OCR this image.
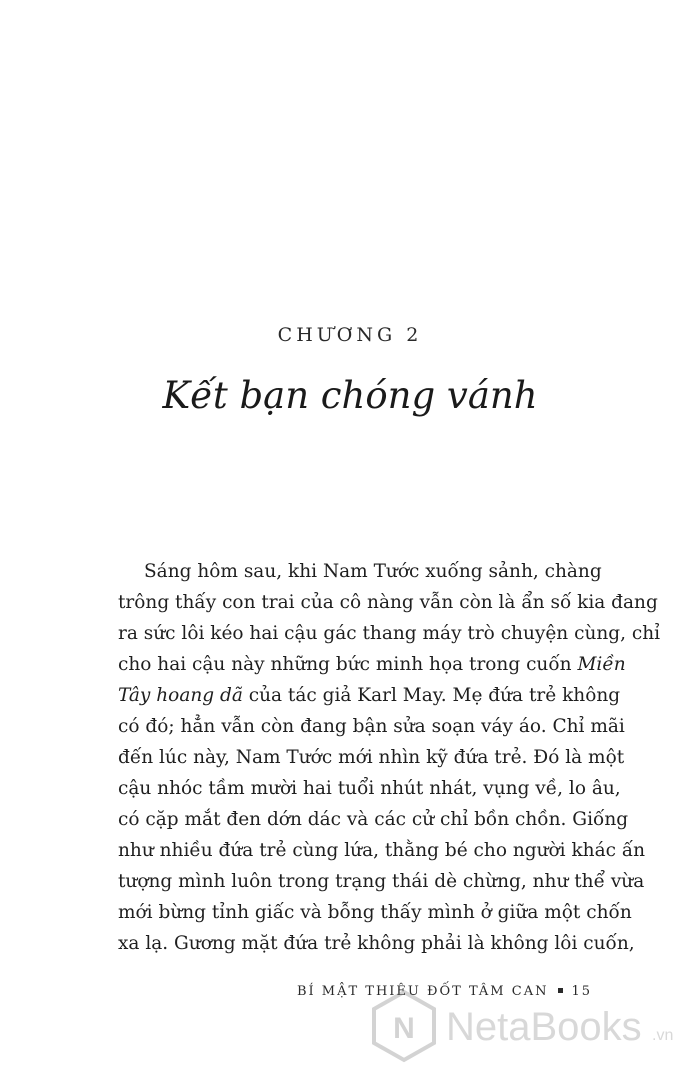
CHƯƠNG 2
Kết bạn chóng vánh
Sáng hôm sau, khi Nam Tước xuống sảnh, chàng
trông thấy con trai của cô nàng vẫn còn là ẩn số kia đang
ra sức lôi kéo hai cậu gác thang máy trò chuyện cùng, chỉ
cho hai cậu này những bức minh họa trong cuốn Miền
Tây hoang dã của tác giả Karl May. Mẹ đứa trẻ không
có đó; hẳn vẫn còn đang bận sửa soạn váy áo. Chỉ mãi
đến lúc này, Nam Tước mới nhìn kỹ đứa trẻ. Đó là một
cậu nhóc tầm mười hai tuổi nhút nhát, vụng về, lo âu,
có cặp mắt đen dớn dác và các cử chỉ bồn chồn. Giống
như nhiều đứa trẻ cùng lứa, thằng bé cho người khác ấn
tượng mình luôn trong trạng thái dè chừng, như thể vừa
mới bừng tỉnh giấc và bỗng thấy mình ở giữa một chốn
xa lạ. Gương mặt đứa trẻ không phải là không lôi cuốn,
BÍ MẬT THIÊU ĐỐT TÂM CAN 15
N NetaBooks .vn
